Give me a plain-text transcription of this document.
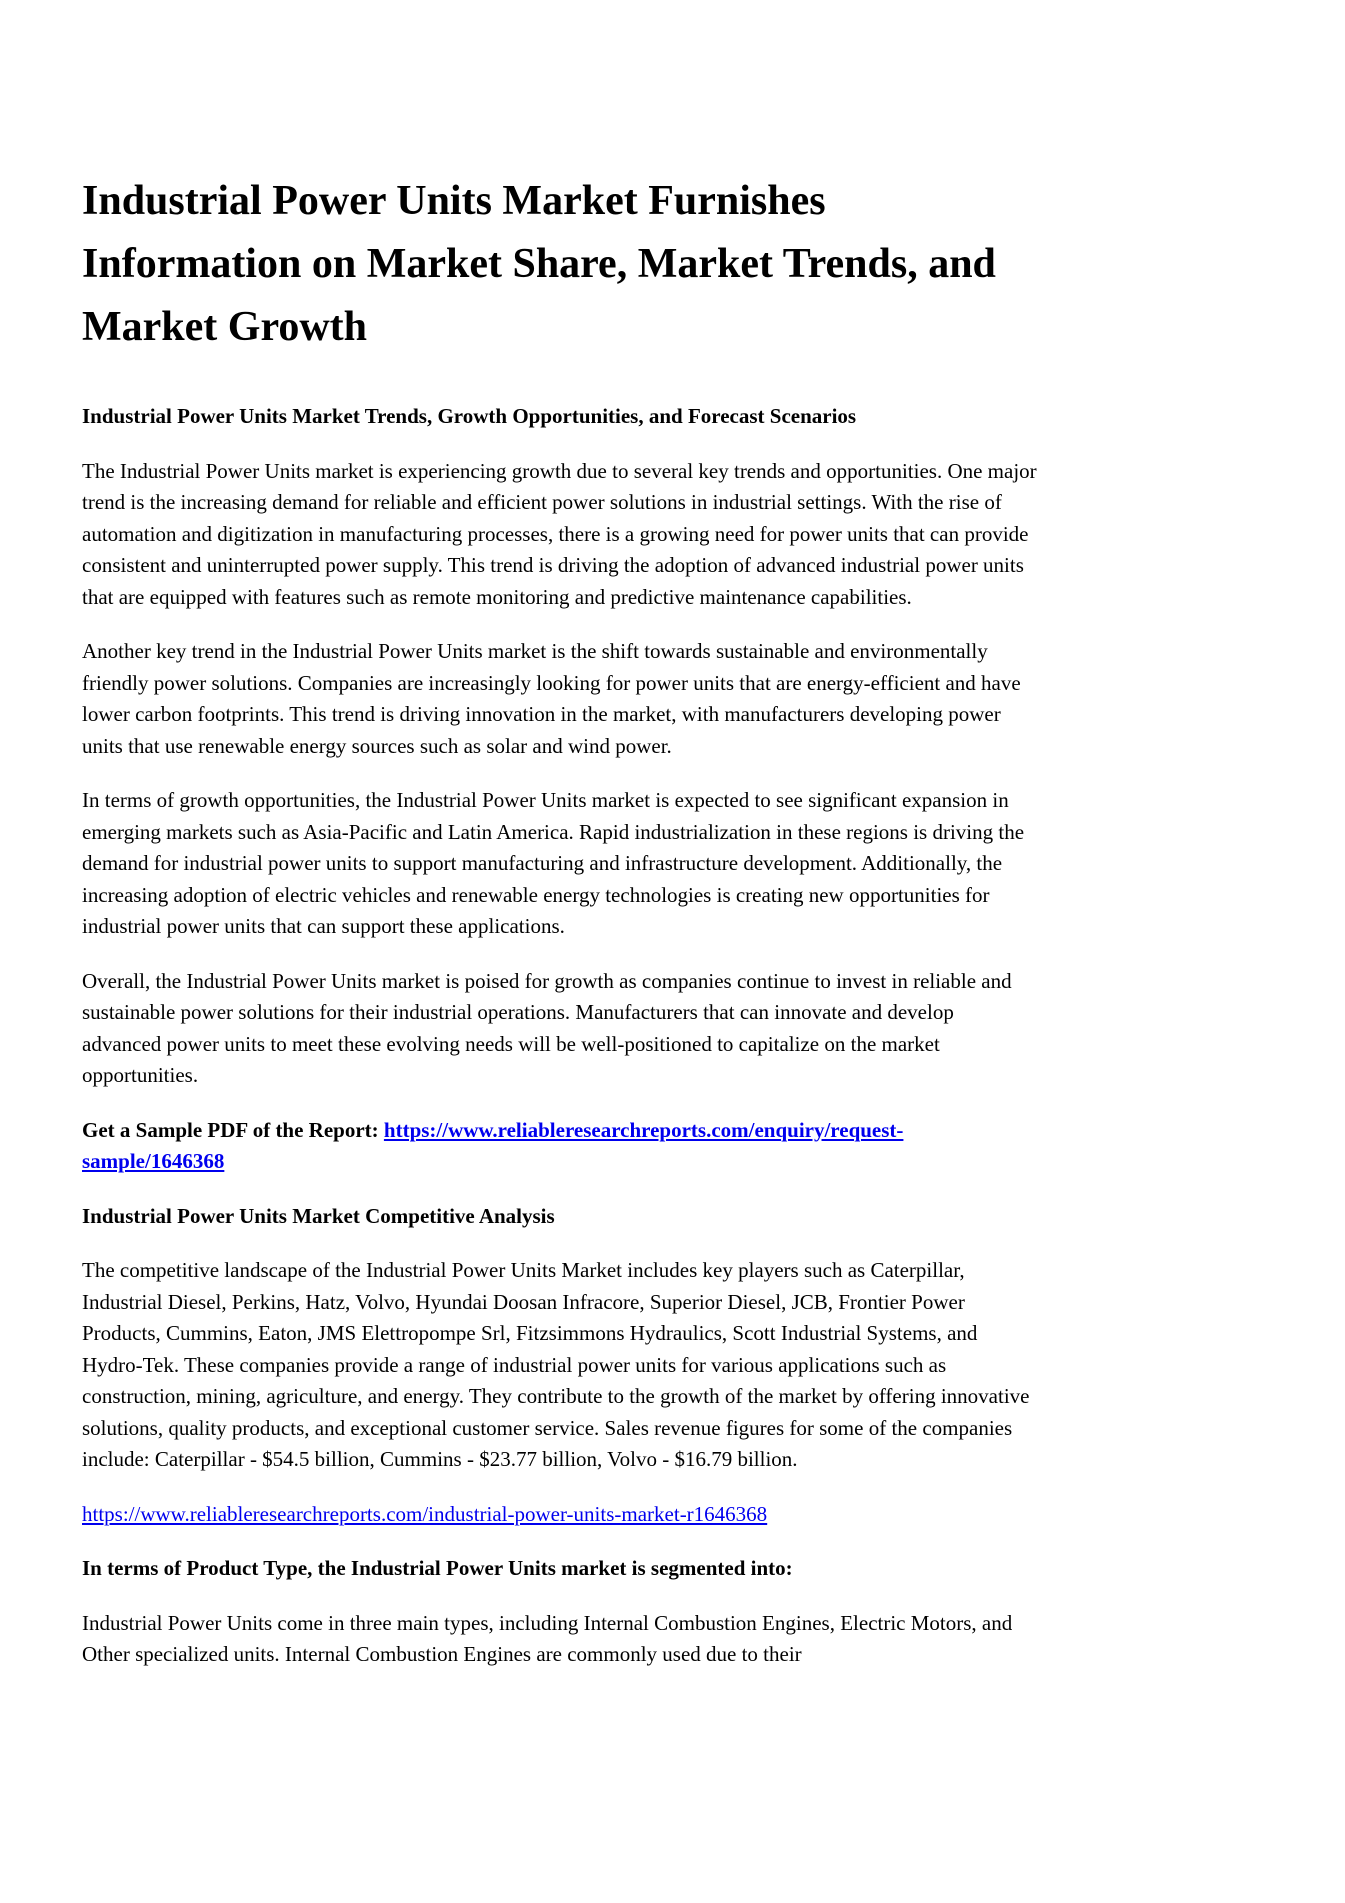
Industrial Power Units Market Furnishes Information on Market Share, Market Trends, and Market Growth

Industrial Power Units Market Trends, Growth Opportunities, and Forecast Scenarios

The Industrial Power Units market is experiencing growth due to several key trends and opportunities. One major trend is the increasing demand for reliable and efficient power solutions in industrial settings. With the rise of automation and digitization in manufacturing processes, there is a growing need for power units that can provide consistent and uninterrupted power supply. This trend is driving the adoption of advanced industrial power units that are equipped with features such as remote monitoring and predictive maintenance capabilities.

Another key trend in the Industrial Power Units market is the shift towards sustainable and environmentally friendly power solutions. Companies are increasingly looking for power units that are energy-efficient and have lower carbon footprints. This trend is driving innovation in the market, with manufacturers developing power units that use renewable energy sources such as solar and wind power.

In terms of growth opportunities, the Industrial Power Units market is expected to see significant expansion in emerging markets such as Asia-Pacific and Latin America. Rapid industrialization in these regions is driving the demand for industrial power units to support manufacturing and infrastructure development. Additionally, the increasing adoption of electric vehicles and renewable energy technologies is creating new opportunities for industrial power units that can support these applications.

Overall, the Industrial Power Units market is poised for growth as companies continue to invest in reliable and sustainable power solutions for their industrial operations. Manufacturers that can innovate and develop advanced power units to meet these evolving needs will be well-positioned to capitalize on the market opportunities.

Get a Sample PDF of the Report: https://www.reliableresearchreports.com/enquiry/request-sample/1646368

Industrial Power Units Market Competitive Analysis

The competitive landscape of the Industrial Power Units Market includes key players such as Caterpillar, Industrial Diesel, Perkins, Hatz, Volvo, Hyundai Doosan Infracore, Superior Diesel, JCB, Frontier Power Products, Cummins, Eaton, JMS Elettropompe Srl, Fitzsimmons Hydraulics, Scott Industrial Systems, and Hydro-Tek. These companies provide a range of industrial power units for various applications such as construction, mining, agriculture, and energy. They contribute to the growth of the market by offering innovative solutions, quality products, and exceptional customer service. Sales revenue figures for some of the companies include: Caterpillar - $54.5 billion, Cummins - $23.77 billion, Volvo - $16.79 billion.

https://www.reliableresearchreports.com/industrial-power-units-market-r1646368

In terms of Product Type, the Industrial Power Units market is segmented into:

Industrial Power Units come in three main types, including Internal Combustion Engines, Electric Motors, and Other specialized units. Internal Combustion Engines are commonly used due to their
